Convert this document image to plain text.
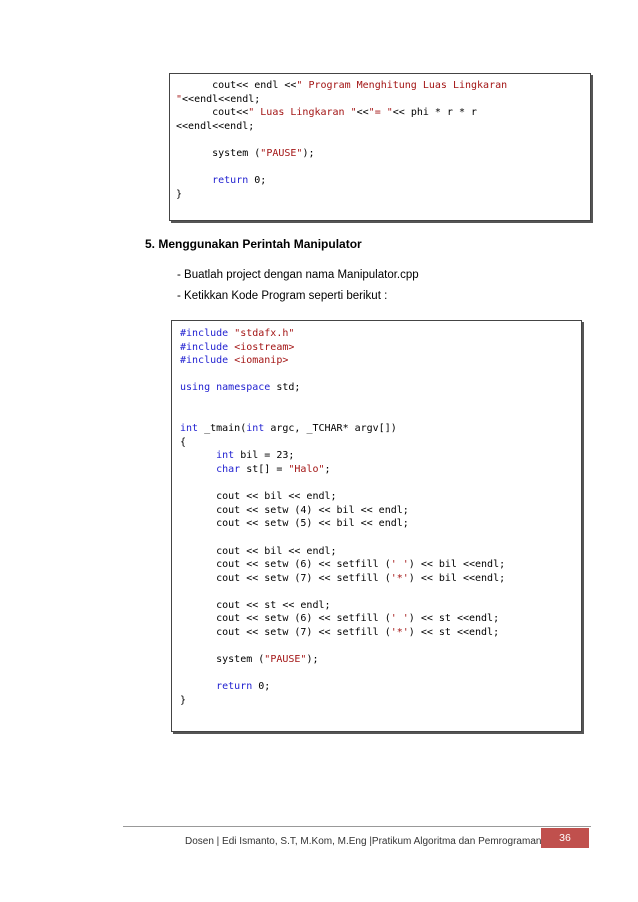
cout<< endl <<" Program Menghitung Luas Lingkaran
"<<endl<<endl;
cout<<" Luas Lingkaran "<<"= "<< phi * r * r
<<endl<<endl;
system ("PAUSE");
return 0;
}
5. Menggunakan Perintah Manipulator
- Buatlah project dengan nama Manipulator.cpp
- Ketikkan Kode Program seperti berikut :
#include "stdafx.h"
#include <iostream>
#include <iomanip>
using namespace std;
int _tmain(int argc, _TCHAR* argv[])
{
int bil = 23;
char st[] = "Halo";
cout << bil << endl;
cout << setw (4) << bil << endl;
cout << setw (5) << bil << endl;
cout << bil << endl;
cout << setw (6) << setfill (' ') << bil <<endl;
cout << setw (7) << setfill ('*') << bil <<endl;
cout << st << endl;
cout << setw (6) << setfill (' ') << st <<endl;
cout << setw (7) << setfill ('*') << st <<endl;
system ("PAUSE");
return 0;
}
Dosen | Edi Ismanto, S.T, M.Kom, M.Eng |Pratikum Algoritma dan Pemrograman	36
